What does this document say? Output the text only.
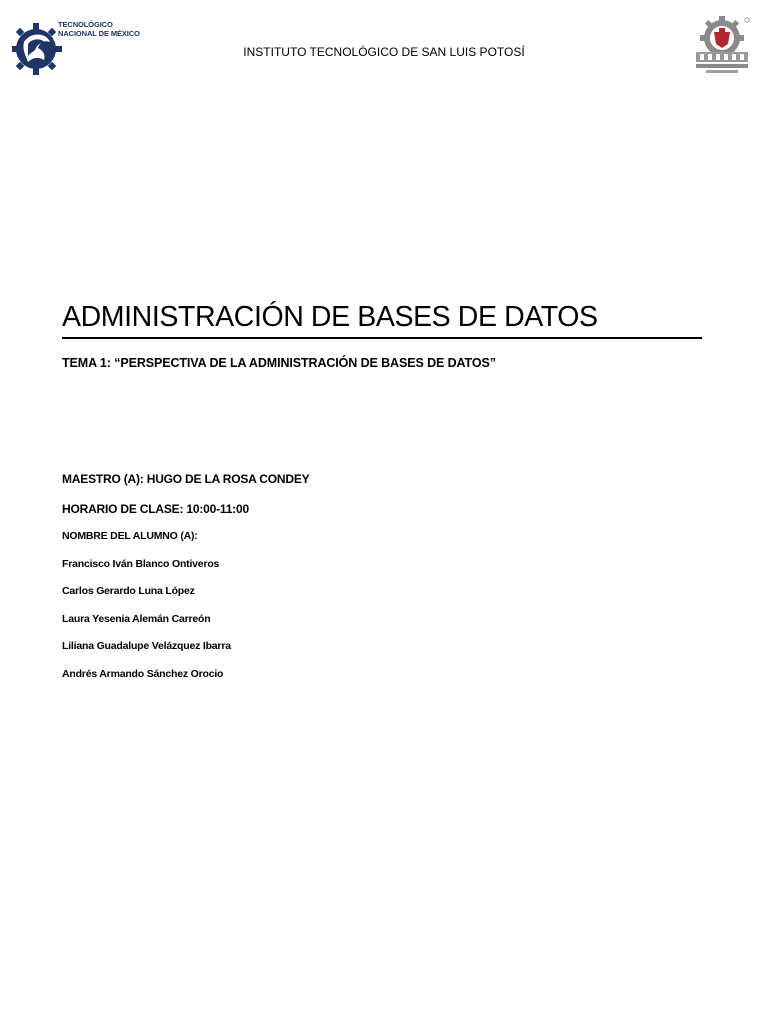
TECNOLÓGICO
NACIONAL DE MÉXICO
INSTITUTO TECNOLÓGICO DE SAN LUIS POTOSÍ
ADMINISTRACIÓN DE BASES DE DATOS
TEMA 1: “PERSPECTIVA DE LA ADMINISTRACIÓN DE BASES DE DATOS”
MAESTRO (A): HUGO DE LA ROSA CONDEY
HORARIO DE CLASE: 10:00-11:00
NOMBRE DEL ALUMNO (A):
Francisco Iván Blanco Ontiveros
Carlos Gerardo Luna López
Laura Yesenia Alemán Carreón
Liliana Guadalupe Velázquez Ibarra
Andrés Armando Sánchez Orocio
